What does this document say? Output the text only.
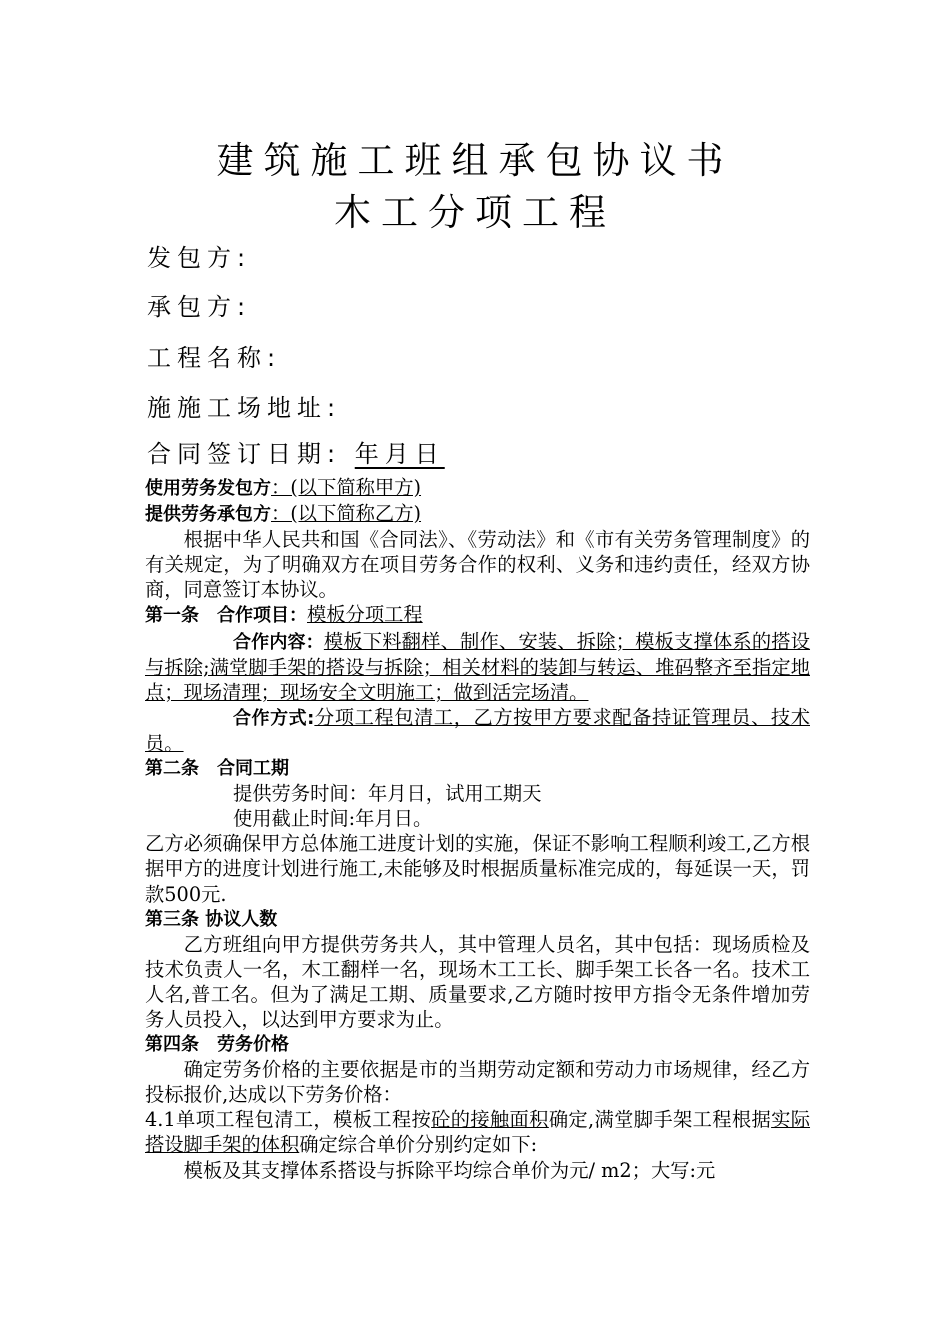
建筑施工班组承包协议书
木工分项工程
发包方:
承包方:
工程名称:
施施工场地址:
合同签订日期: 年月日

使用劳务发包方：(以下简称甲方)

提供劳务承包方：(以下简称乙方)

根据中华人民共和国《合同法》、《劳动法》和《市有关劳务管理制度》的有关规定，为了明确双方在项目劳务合作的权利、义务和违约责任，经双方协商，同意签订本协议。

第一条　合作项目：模板分项工程

合作内容：模板下料翻样、制作、安装、拆除；模板支撑体系的搭设与拆除;满堂脚手架的搭设与拆除；相关材料的装卸与转运、堆码整齐至指定地点；现场清理；现场安全文明施工；做到活完场清。

合作方式:分项工程包清工，乙方按甲方要求配备持证管理员、技术员。

第二条　合同工期

提供劳务时间：年月日，试用工期天

使用截止时间:年月日。

乙方必须确保甲方总体施工进度计划的实施，保证不影响工程顺利竣工,乙方根据甲方的进度计划进行施工,未能够及时根据质量标准完成的，每延误一天，罚款500元.

第三条 协议人数

乙方班组向甲方提供劳务共人，其中管理人员名，其中包括：现场质检及技术负责人一名，木工翻样一名，现场木工工长、脚手架工长各一名。技术工人名,普工名。但为了满足工期、质量要求,乙方随时按甲方指令无条件增加劳务人员投入，以达到甲方要求为止。

第四条　劳务价格

确定劳务价格的主要依据是市的当期劳动定额和劳动力市场规律，经乙方投标报价,达成以下劳务价格：

4.1单项工程包清工，模板工程按砼的接触面积确定,满堂脚手架工程根据实际搭设脚手架的体积确定综合单价分别约定如下:

模板及其支撑体系搭设与拆除平均综合单价为元/ m2；大写:元
